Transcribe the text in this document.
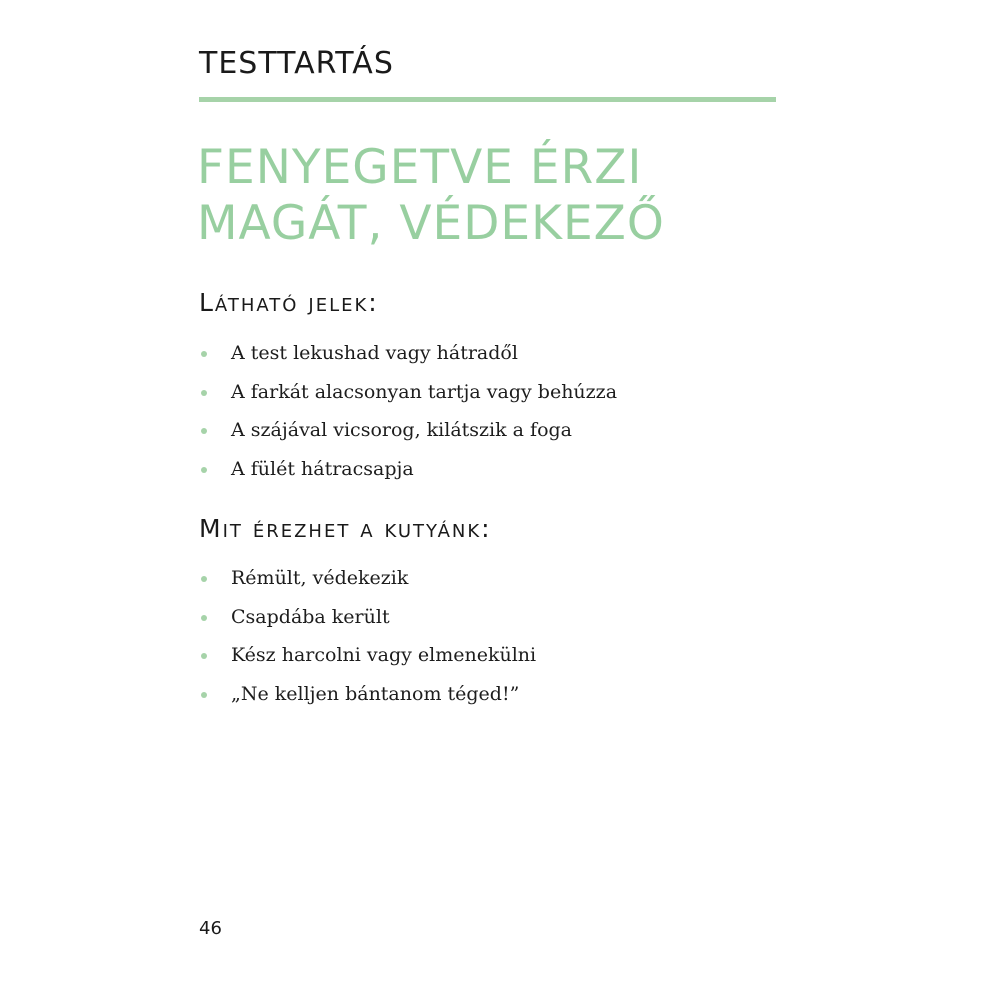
TESTTARTÁS
FENYEGETVE ÉRZI
MAGÁT, VÉDEKEZŐ
Látható jelek:
A test lekushad vagy hátradől
A farkát alacsonyan tartja vagy behúzza
A szájával vicsorog, kilátszik a foga
A fülét hátracsapja
Mit érezhet a kutyánk:
Rémült, védekezik
Csapdába került
Kész harcolni vagy elmenekülni
„Ne kelljen bántanom téged!”
46
